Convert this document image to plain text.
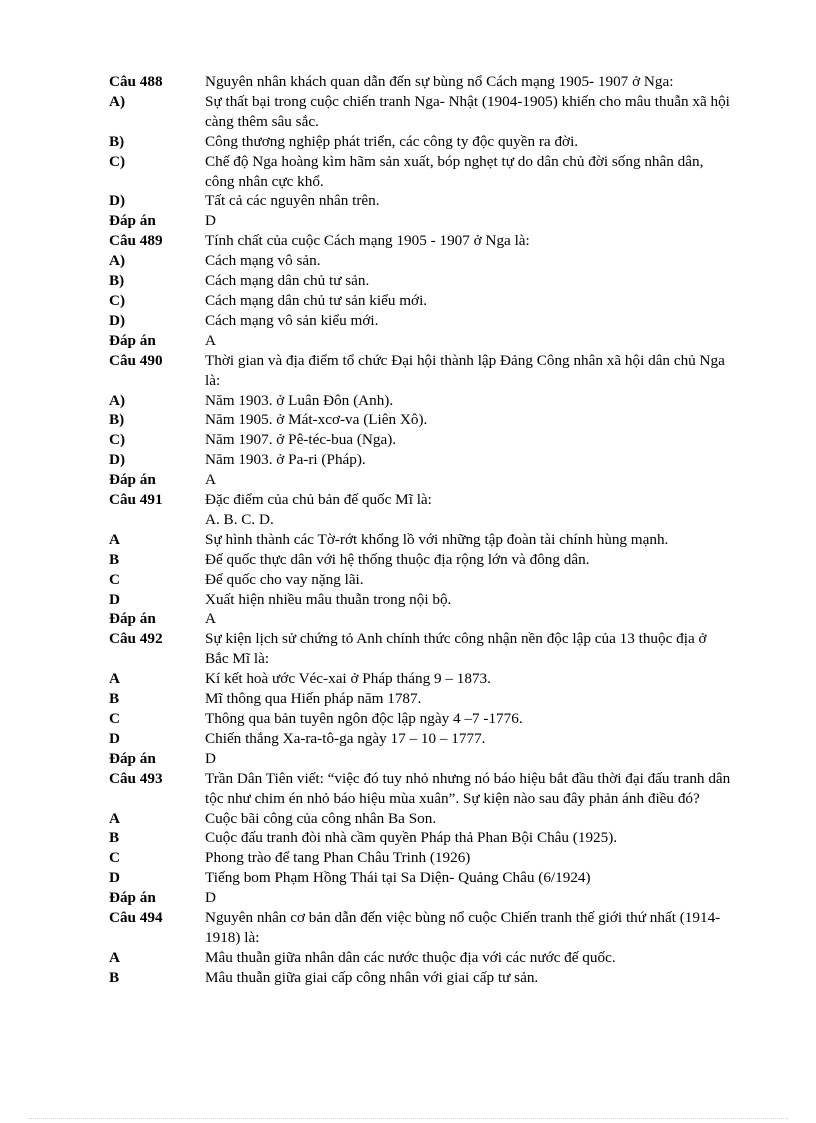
Câu 488	Nguyên nhân khách quan dẫn đến sự bùng nổ Cách mạng 1905- 1907 ở Nga:
A)	Sự thất bại trong cuộc chiến tranh Nga- Nhật (1904-1905) khiến cho mâu thuẫn xã hội càng thêm sâu sắc.
B)	Công thương nghiệp phát triển, các công ty độc quyền ra đời.
C)	Chế độ Nga hoàng kìm hãm sản xuất, bóp nghẹt tự do dân chủ đời sống nhân dân, công nhân cực khổ.
D)	Tất cả các nguyên nhân trên.
Đáp án	D
Câu 489	Tính chất của cuộc Cách mạng 1905 - 1907 ở Nga là:
A)	Cách mạng vô sản.
B)	Cách mạng dân chủ tư sản.
C)	Cách mạng dân chủ tư sản kiểu mới.
D)	Cách mạng vô sản kiểu mới.
Đáp án	A
Câu 490	Thời gian và địa điểm tổ chức Đại hội thành lập Đảng Công nhân xã hội dân chủ Nga là:
A)	Năm 1903. ở Luân Đôn (Anh).
B)	Năm 1905. ở Mát-xcơ-va (Liên Xô).
C)	Năm 1907. ở Pê-téc-bua (Nga).
D)	Năm 1903. ở Pa-ri (Pháp).
Đáp án	A
Câu 491	Đặc điểm của chủ bản đế quốc Mĩ là:
A. B. C. D.
A	Sự hình thành các Tờ-rớt khổng lồ với những tập đoàn tài chính hùng mạnh.
B	Đế quốc thực dân với hệ thống thuộc địa rộng lớn và đông dân.
C	Đế quốc cho vay nặng lãi.
D	Xuất hiện nhiều mâu thuẫn trong nội bộ.
Đáp án	A
Câu 492	Sự kiện lịch sử chứng tỏ Anh chính thức công nhận nền độc lập của 13 thuộc địa ở Bắc Mĩ là:
A	Kí kết hoà ước Véc-xai ở Pháp tháng 9 – 1873.
B	Mĩ thông qua Hiến pháp năm 1787.
C	Thông qua bản tuyên ngôn độc lập ngày 4 –7 -1776.
D	Chiến thắng Xa-ra-tô-ga ngày 17 – 10 – 1777.
Đáp án	D
Câu 493	Trần Dân Tiên viết: “việc đó tuy nhỏ nhưng nó báo hiệu bắt đầu thời đại đấu tranh dân tộc như chim én nhỏ báo hiệu mùa xuân”. Sự kiện nào sau đây phản ánh điều đó?
A	Cuộc bãi công của công nhân Ba Son.
B	Cuộc đấu tranh đòi nhà cầm quyền Pháp thả Phan Bội Châu (1925).
C	Phong trào để tang Phan Châu Trinh (1926)
D	Tiếng bom Phạm Hồng Thái tại Sa Diện- Quảng Châu (6/1924)
Đáp án	D
Câu 494	Nguyên nhân cơ bản dẫn đến việc bùng nổ cuộc Chiến tranh thế giới thứ nhất (1914-1918) là:
A	Mâu thuẫn giữa nhân dân các nước thuộc địa với các nước đế quốc.
B	Mâu thuẫn giữa giai cấp công nhân với giai cấp tư sản.
